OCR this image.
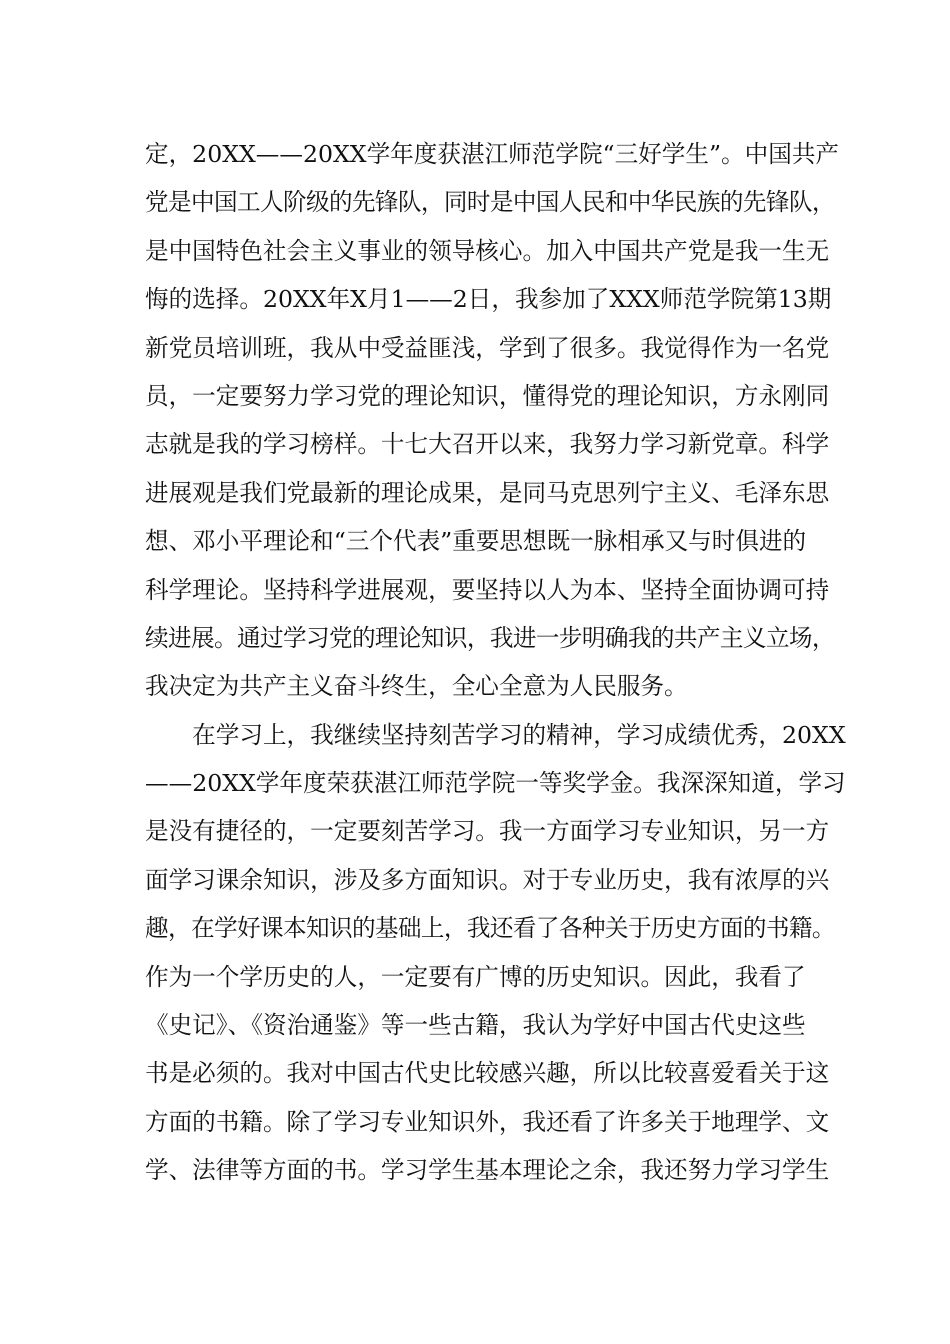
定，20XX——20XX学年度获湛江师范学院“三好学生”。中国共产
党是中国工人阶级的先锋队，同时是中国人民和中华民族的先锋队，
是中国特色社会主义事业的领导核心。加入中国共产党是我一生无
悔的选择。20XX年X月1——2日，我参加了XXX师范学院第13期
新党员培训班，我从中受益匪浅，学到了很多。我觉得作为一名党
员，一定要努力学习党的理论知识，懂得党的理论知识，方永刚同
志就是我的学习榜样。十七大召开以来，我努力学习新党章。科学
进展观是我们党最新的理论成果，是同马克思列宁主义、毛泽东思
想、邓小平理论和“三个代表”重要思想既一脉相承又与时俱进的
科学理论。坚持科学进展观，要坚持以人为本、坚持全面协调可持
续进展。通过学习党的理论知识，我进一步明确我的共产主义立场，
我决定为共产主义奋斗终生，全心全意为人民服务。
　　在学习上，我继续坚持刻苦学习的精神，学习成绩优秀，20XX
——20XX学年度荣获湛江师范学院一等奖学金。我深深知道，学习
是没有捷径的，一定要刻苦学习。我一方面学习专业知识，另一方
面学习课余知识，涉及多方面知识。对于专业历史，我有浓厚的兴
趣，在学好课本知识的基础上，我还看了各种关于历史方面的书籍。
作为一个学历史的人，一定要有广博的历史知识。因此，我看了
《史记》、《资治通鉴》等一些古籍，我认为学好中国古代史这些
书是必须的。我对中国古代史比较感兴趣，所以比较喜爱看关于这
方面的书籍。除了学习专业知识外，我还看了许多关于地理学、文
学、法律等方面的书。学习学生基本理论之余，我还努力学习学生
